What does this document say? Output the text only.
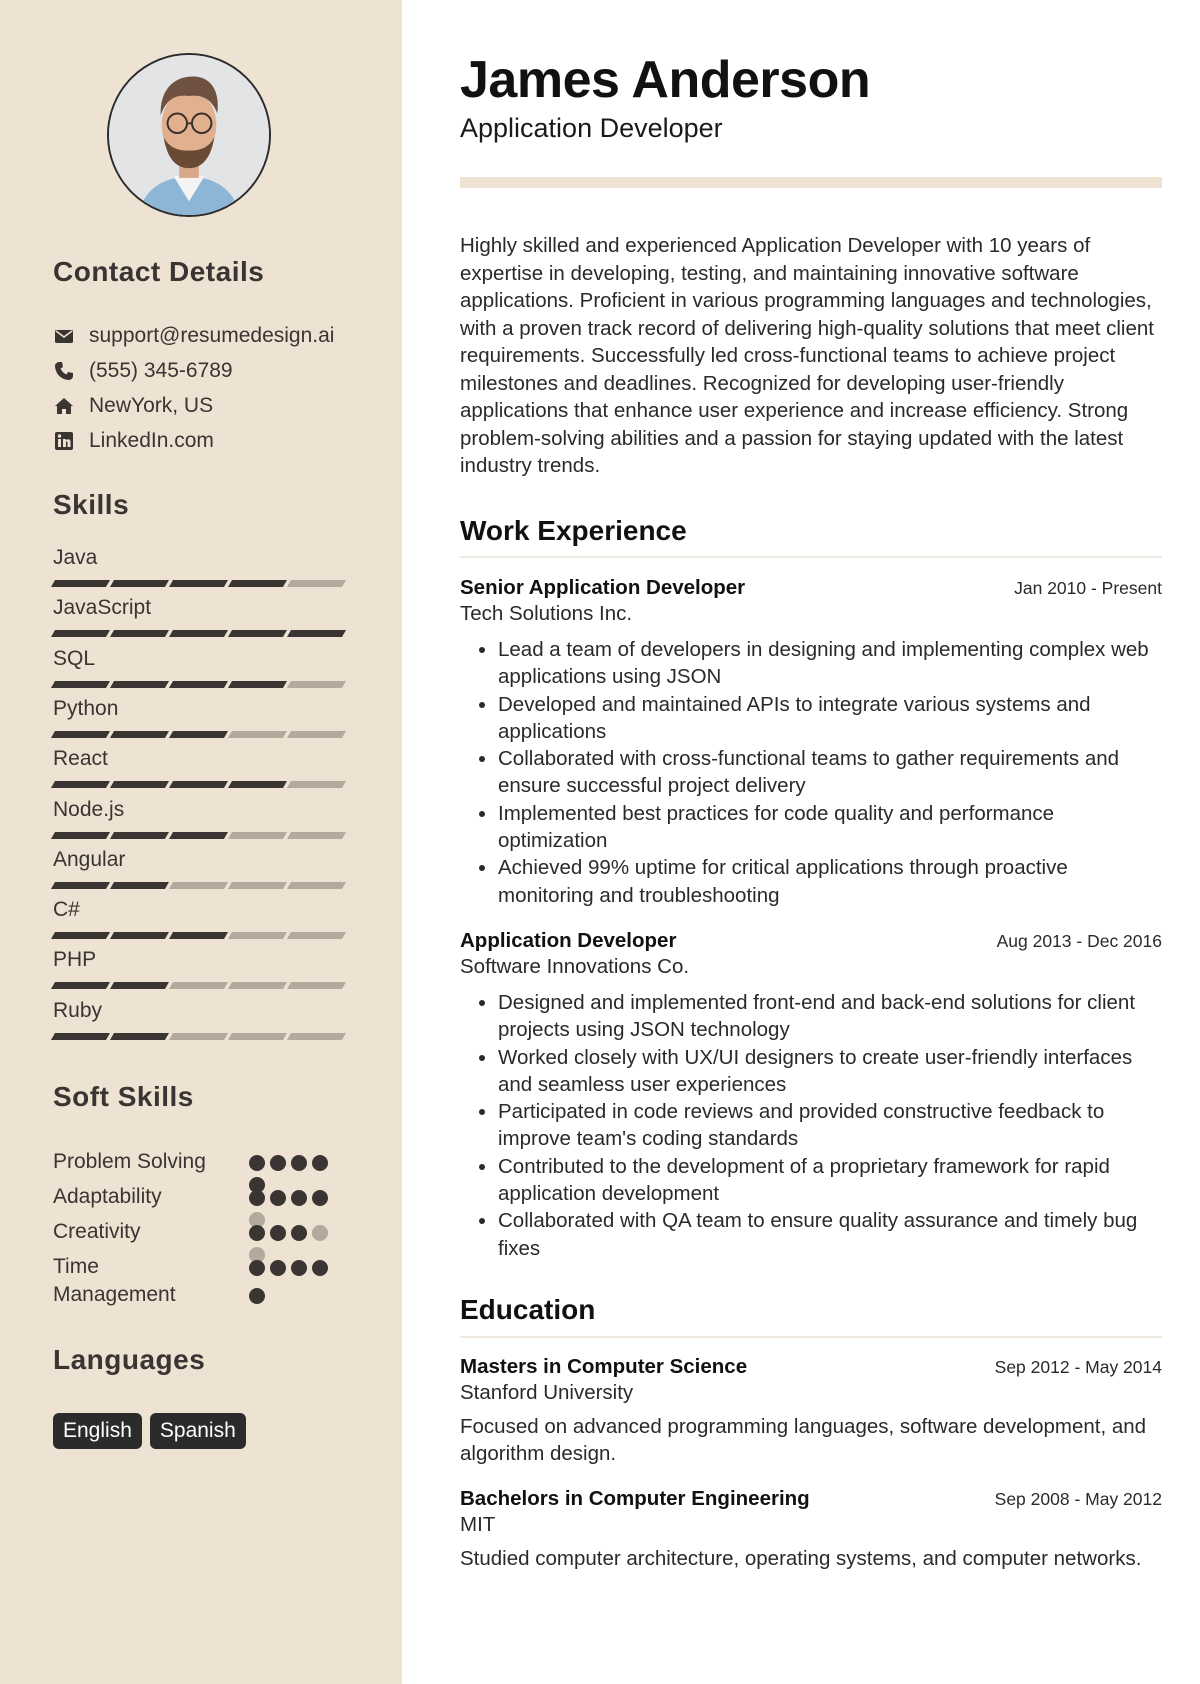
Contact Details
support@resumedesign.ai
(555) 345-6789
NewYork, US
LinkedIn.com
Skills
Java
JavaScript
SQL
Python
React
Node.js
Angular
C#
PHP
Ruby
Soft Skills
Problem Solving
Adaptability
Creativity
Time Management
Languages
English	Spanish
James Anderson
Application Developer

Highly skilled and experienced Application Developer with 10 years of expertise in developing, testing, and maintaining innovative software applications. Proficient in various programming languages and technologies, with a proven track record of delivering high-quality solutions that meet client requirements. Successfully led cross-functional teams to achieve project milestones and deadlines. Recognized for developing user-friendly applications that enhance user experience and increase efficiency. Strong problem-solving abilities and a passion for staying updated with the latest industry trends.

Work Experience
Senior Application Developer	Jan 2010 - Present
Tech Solutions Inc.
• Lead a team of developers in designing and implementing complex web applications using JSON
• Developed and maintained APIs to integrate various systems and applications
• Collaborated with cross-functional teams to gather requirements and ensure successful project delivery
• Implemented best practices for code quality and performance optimization
• Achieved 99% uptime for critical applications through proactive monitoring and troubleshooting
Application Developer	Aug 2013 - Dec 2016
Software Innovations Co.
• Designed and implemented front-end and back-end solutions for client projects using JSON technology
• Worked closely with UX/UI designers to create user-friendly interfaces and seamless user experiences
• Participated in code reviews and provided constructive feedback to improve team's coding standards
• Contributed to the development of a proprietary framework for rapid application development
• Collaborated with QA team to ensure quality assurance and timely bug fixes
Education
Masters in Computer Science	Sep 2012 - May 2014
Stanford University
Focused on advanced programming languages, software development, and algorithm design.
Bachelors in Computer Engineering	Sep 2008 - May 2012
MIT
Studied computer architecture, operating systems, and computer networks.
